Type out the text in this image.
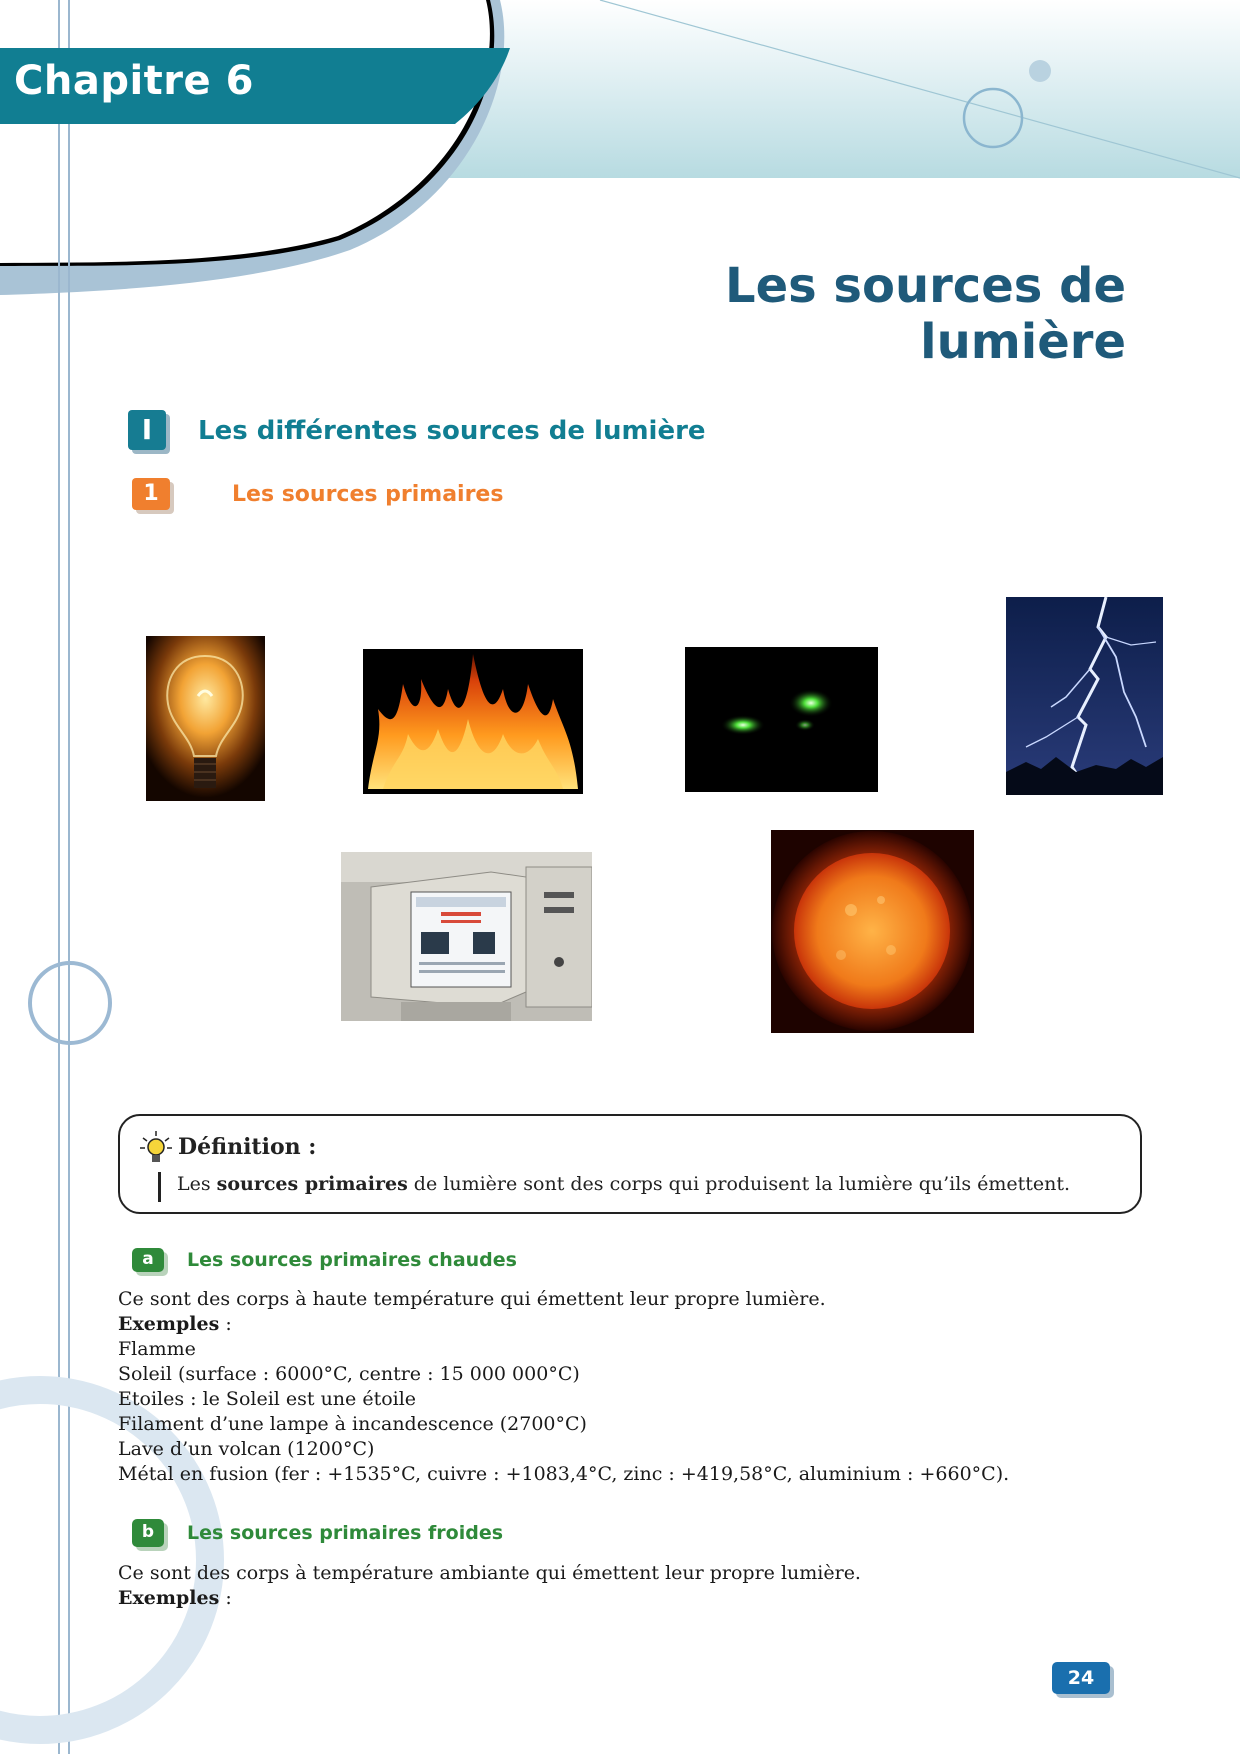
Chapitre 6
Les sources de lumière
I	Les différentes sources de lumière
1	Les sources primaires
Définition :
Les sources primaires de lumière sont des corps qui produisent la lumière qu’ils émettent.
a	Les sources primaires chaudes
Ce sont des corps à haute température qui émettent leur propre lumière.
Exemples :
Flamme
Soleil (surface : 6000°C, centre : 15 000 000°C)
Etoiles : le Soleil est une étoile
Filament d’une lampe à incandescence (2700°C)
Lave d’un volcan (1200°C)
Métal en fusion (fer : +1535°C, cuivre : +1083,4°C, zinc : +419,58°C, aluminium : +660°C).
b	Les sources primaires froides
Ce sont des corps à température ambiante qui émettent leur propre lumière.
Exemples :
24
